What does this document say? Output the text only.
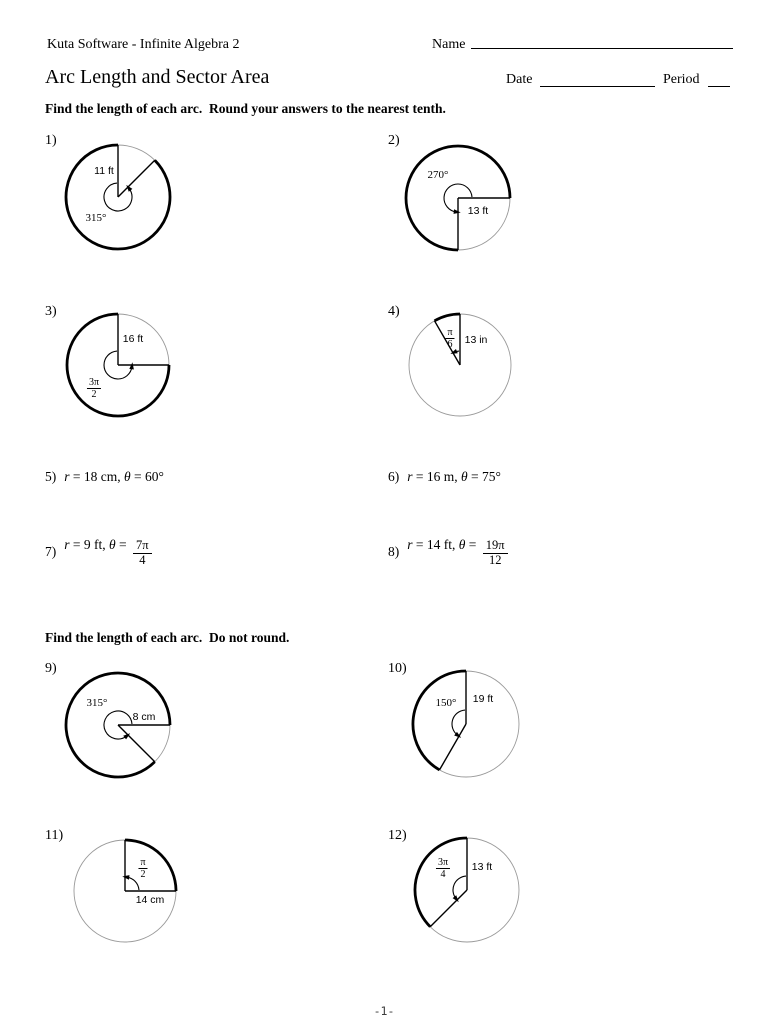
Kuta Software - Infinite Algebra 2	Name
Arc Length and Sector Area	Date	Period
Find the length of each arc.  Round your answers to the nearest tenth.
Find the length of each arc.  Do not round.
1)
11 ft
315°
2)
13 ft
270°
3)
16 ft
$\frac{3\pi}{2}$
4)
13 in
$\frac{\pi}{6}$
9)
8 cm
315°
10)
19 ft
150°
11)
14 cm
$\frac{\pi}{2}$
12)
13 ft
$\frac{3\pi}{4}$
5) r = 18 cm, θ = 60°	6) r = 16 m, θ = 75°
7) r = 9 ft, $\theta = \frac{7\pi}{4}$	8) r = 14 ft, $\theta = \frac{19\pi}{12}$
-1-
